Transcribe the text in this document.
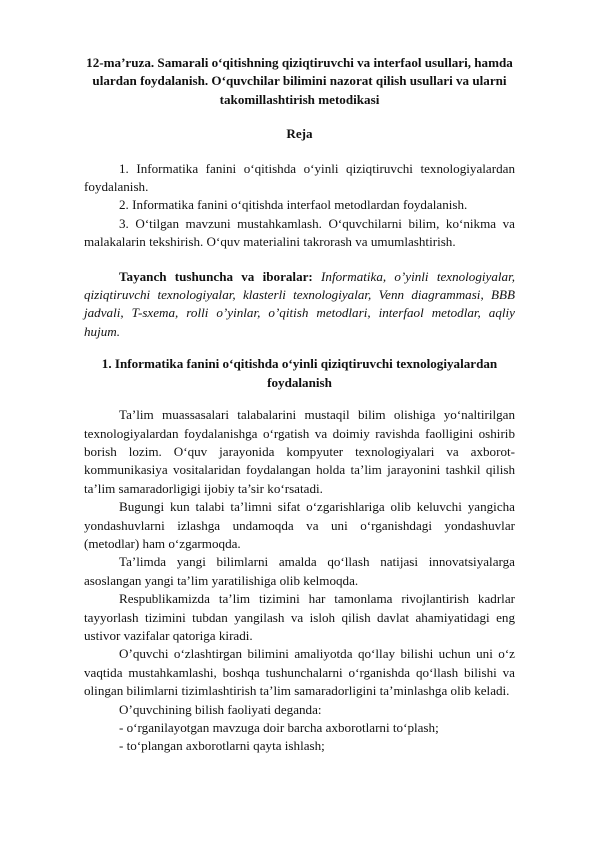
12-ma’ruza. Samarali o‘qitishning qiziqtiruvchi va interfaol usullari, hamda ulardan foydalanish. O‘quvchilar bilimini nazorat qilish usullari va ularni takomillashtirish metodikasi

Reja

1. Informatika fanini o‘qitishda o‘yinli qiziqtiruvchi texnologiyalardan foydalanish.

2. Informatika fanini o‘qitishda interfaol metodlardan foydalanish.

3. O‘tilgan mavzuni mustahkamlash. O‘quvchilarni bilim, ko‘nikma va malakalarin tekshirish. O‘quv materialini takrorash va umumlashtirish.

Tayanch tushuncha va iboralar: Informatika, o’yinli texnologiyalar, qiziqtiruvchi texnologiyalar, klasterli texnologiyalar, Venn diagrammasi, BBB jadvali, T-sxema, rolli o’yinlar, o’qitish metodlari, interfaol metodlar, aqliy hujum.

1. Informatika fanini o‘qitishda o‘yinli qiziqtiruvchi texnologiyalardan foydalanish

Ta’lim muassasalari talabalarini mustaqil bilim olishiga yo‘naltirilgan texnologiyalardan foydalanishga o‘rgatish va doimiy ravishda faolligini oshirib borish lozim. O‘quv jarayonida kompyuter texnologiyalari va axborot-kommunikasiya vositalaridan foydalangan holda ta’lim jarayonini tashkil qilish ta’lim samaradorligigi ijobiy ta’sir ko‘rsatadi.

Bugungi kun talabi ta’limni sifat o‘zgarishlariga olib keluvchi yangicha yondashuvlarni izlashga undamoqda va uni o‘rganishdagi yondashuvlar (metodlar) ham o‘zgarmoqda.

Ta’limda yangi bilimlarni amalda qo‘llash natijasi innovatsiyalarga asoslangan yangi ta’lim yaratilishiga olib kelmoqda.

Respublikamizda ta’lim tizimini har tamonlama rivojlantirish kadrlar tayyorlash tizimini tubdan yangilash va isloh qilish davlat ahamiyatidagi eng ustivor vazifalar qatoriga kiradi.

O’quvchi o‘zlashtirgan bilimini amaliyotda qo‘llay bilishi uchun uni o‘z vaqtida mustahkamlashi, boshqa tushunchalarni o‘rganishda qo‘llash bilishi va olingan bilimlarni tizimlashtirish ta’lim samaradorligini ta’minlashga olib keladi.

O’quvchining bilish faoliyati deganda:

- o‘rganilayotgan mavzuga doir barcha axborotlarni to‘plash;

- to‘plangan axborotlarni qayta ishlash;
